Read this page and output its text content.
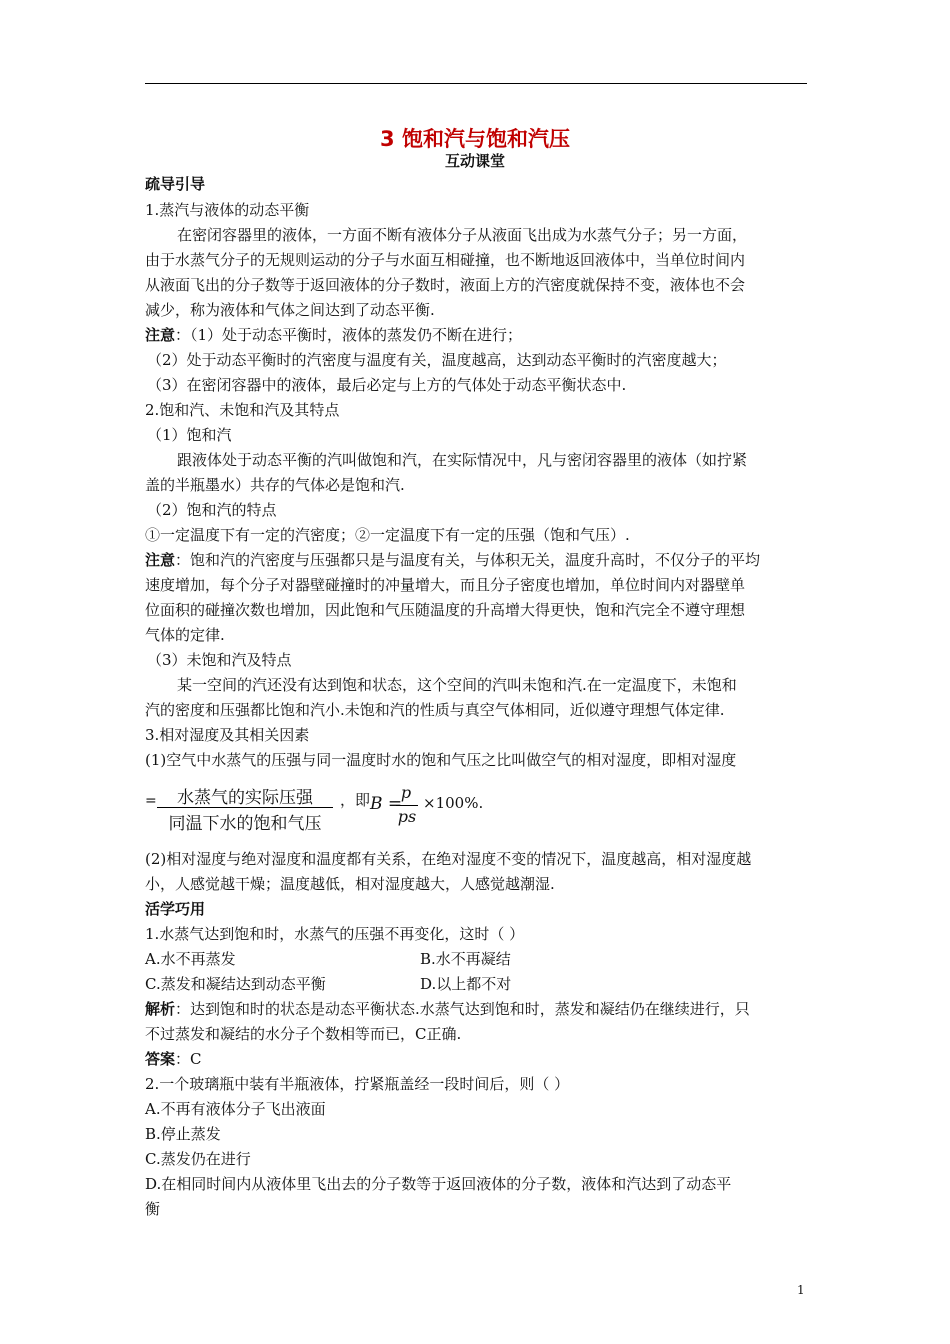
3 饱和汽与饱和汽压
互动课堂
疏导引导
1.蒸汽与液体的动态平衡
在密闭容器里的液体，一方面不断有液体分子从液面飞出成为水蒸气分子；另一方面，
由于水蒸气分子的无规则运动的分子与水面互相碰撞，也不断地返回液体中，当单位时间内
从液面飞出的分子数等于返回液体的分子数时，液面上方的汽密度就保持不变，液体也不会
减少，称为液体和气体之间达到了动态平衡.
注意：（1）处于动态平衡时，液体的蒸发仍不断在进行；
（2）处于动态平衡时的汽密度与温度有关，温度越高，达到动态平衡时的汽密度越大；
（3）在密闭容器中的液体，最后必定与上方的气体处于动态平衡状态中.
2.饱和汽、未饱和汽及其特点
（1）饱和汽
跟液体处于动态平衡的汽叫做饱和汽，在实际情况中，凡与密闭容器里的液体（如拧紧
盖的半瓶墨水）共存的气体必是饱和汽.
（2）饱和汽的特点
①一定温度下有一定的汽密度；②一定温度下有一定的压强（饱和气压）.
注意：饱和汽的汽密度与压强都只是与温度有关，与体积无关，温度升高时，不仅分子的平均
速度增加，每个分子对器壁碰撞时的冲量增大，而且分子密度也增加，单位时间内对器壁单
位面积的碰撞次数也增加，因此饱和气压随温度的升高增大得更快，饱和汽完全不遵守理想
气体的定律.
（3）未饱和汽及特点
某一空间的汽还没有达到饱和状态，这个空间的汽叫未饱和汽.在一定温度下，未饱和
汽的密度和压强都比饱和汽小.未饱和汽的性质与真空气体相同，近似遵守理想气体定律.
3.相对湿度及其相关因素
(1)空气中水蒸气的压强与同一温度时水的饱和气压之比叫做空气的相对湿度，即相对湿度
=	水蒸气的实际压强
同温下水的饱和气压
，即 B =
p
ps
×100%.
(2)相对湿度与绝对湿度和温度都有关系，在绝对湿度不变的情况下，温度越高，相对湿度越
小，人感觉越干燥；温度越低，相对湿度越大，人感觉越潮湿.
活学巧用
1.水蒸气达到饱和时，水蒸气的压强不再变化，这时（ ）
A.水不再蒸发	B.水不再凝结
C.蒸发和凝结达到动态平衡	D.以上都不对
解析：达到饱和时的状态是动态平衡状态.水蒸气达到饱和时，蒸发和凝结仍在继续进行，只
不过蒸发和凝结的水分子个数相等而已，C正确.
答案：C
2.一个玻璃瓶中装有半瓶液体，拧紧瓶盖经一段时间后，则（ ）
A.不再有液体分子飞出液面
B.停止蒸发
C.蒸发仍在进行
D.在相同时间内从液体里飞出去的分子数等于返回液体的分子数，液体和汽达到了动态平
衡
1
